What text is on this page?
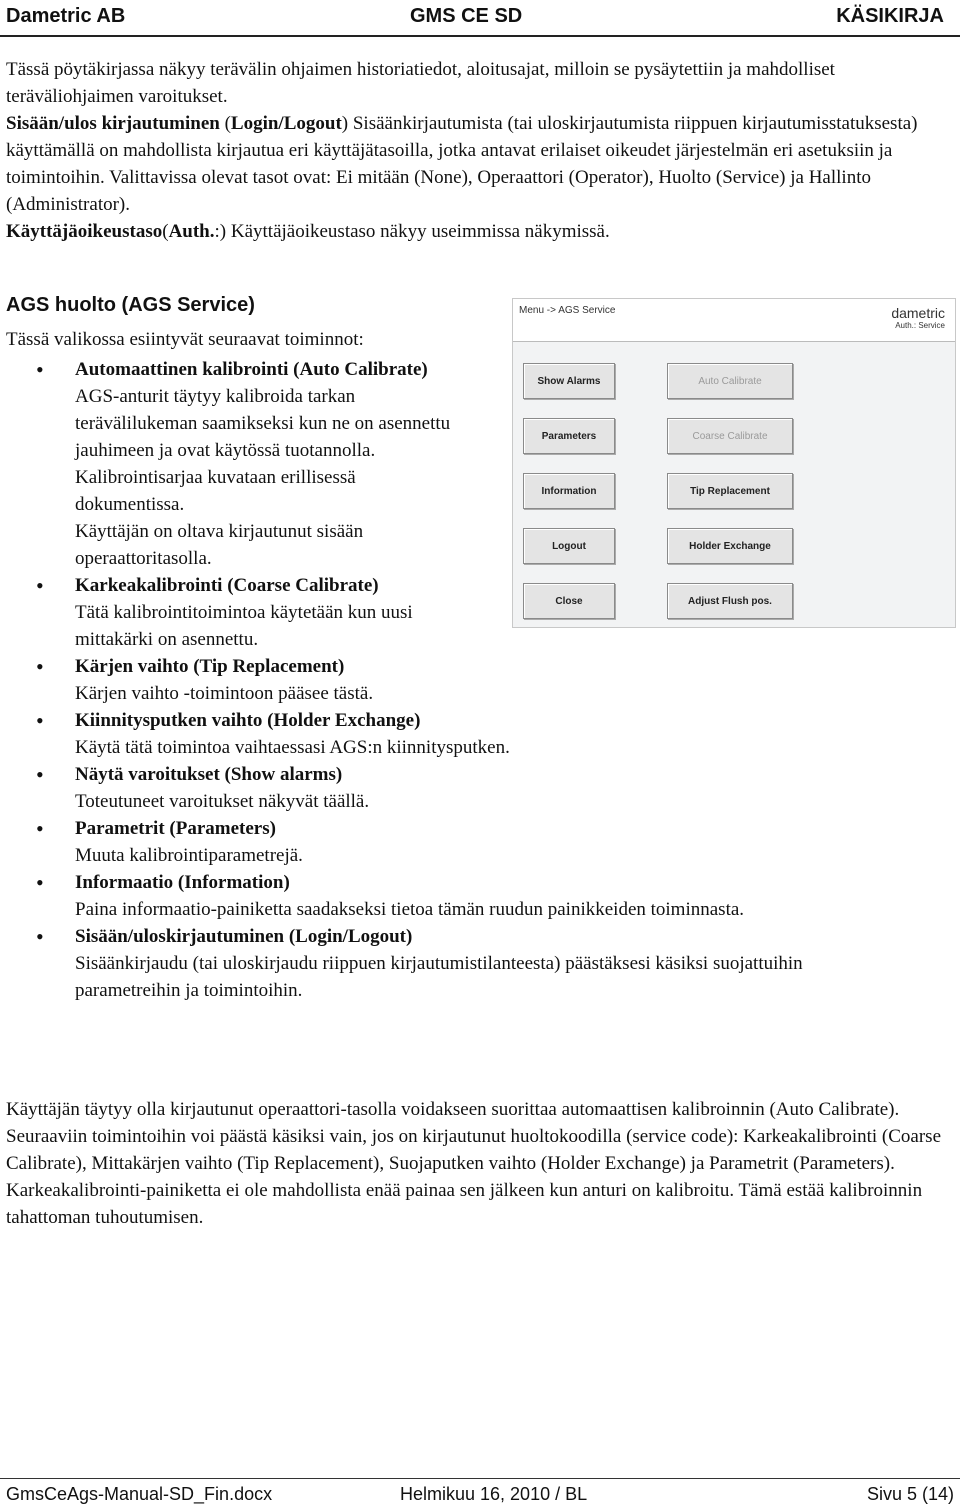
Dametric AB	GMS CE SD	KÄSIKIRJA

Tässä pöytäkirjassa näkyy terävälin ohjaimen historiatiedot, aloitusajat, milloin se pysäytettiin ja mahdolliset teräväliohjaimen varoitukset.

Sisään/ulos kirjautuminen (Login/Logout) Sisäänkirjautumista (tai uloskirjautumista riippuen kirjautumisstatuksesta) käyttämällä on mahdollista kirjautua eri käyttäjätasoilla, jotka antavat erilaiset oikeudet järjestelmän eri asetuksiin ja toimintoihin. Valittavissa olevat tasot ovat: Ei mitään (None), Operaattori (Operator), Huolto (Service) ja Hallinto (Administrator).

Käyttäjäoikeustaso(Auth.:) Käyttäjäoikeustaso näkyy useimmissa näkymissä.

AGS huolto (AGS Service)
Tässä valikossa esiintyvät seuraavat toiminnot:
• Automaattinen kalibrointi (Auto Calibrate)
AGS-anturit täytyy kalibroida tarkan terävälilukeman saamikseksi kun ne on asennettu jauhimeen ja ovat käytössä tuotannolla. Kalibrointisarjaa kuvataan erillisessä dokumentissa.
Käyttäjän on oltava kirjautunut sisään operaattoritasolla.
• Karkeakalibrointi (Coarse Calibrate)
Tätä kalibrointitoimintoa käytetään kun uusi mittakärki on asennettu.
• Kärjen vaihto (Tip Replacement)
Kärjen vaihto -toimintoon pääsee tästä.
• Kiinnitysputken vaihto (Holder Exchange)
Käytä tätä toimintoa vaihtaessasi AGS:n kiinnitysputken.
• Näytä varoitukset (Show alarms)
Toteutuneet varoitukset näkyvät täällä.
• Parametrit (Parameters)
Muuta kalibrointiparametrejä.
• Informaatio (Information)
Paina informaatio-painiketta saadakseksi tietoa tämän ruudun painikkeiden toiminnasta.
• Sisään/uloskirjautuminen (Login/Logout)
Sisäänkirjaudu (tai uloskirjaudu riippuen kirjautumistilanteesta) päästäksesi käsiksi suojattuihin parametreihin ja toimintoihin.
Menu -> AGS Service	dametric
Auth.: Service
Show Alarms
Parameters
Information
Logout
Close
Auto Calibrate
Coarse Calibrate
Tip Replacement
Holder Exchange
Adjust Flush pos.

Käyttäjän täytyy olla kirjautunut operaattori-tasolla voidakseen suorittaa automaattisen kalibroinnin (Auto Calibrate).

Seuraaviin toimintoihin voi päästä käsiksi vain, jos on kirjautunut huoltokoodilla (service code): Karkeakalibrointi (Coarse Calibrate), Mittakärjen vaihto (Tip Replacement), Suojaputken vaihto (Holder Exchange) ja Parametrit (Parameters). Karkeakalibrointi-painiketta ei ole mahdollista enää painaa sen jälkeen kun anturi on kalibroitu. Tämä estää kalibroinnin tahattoman tuhoutumisen.

GmsCeAgs-Manual-SD_Fin.docx	Helmikuu 16, 2010 / BL	Sivu 5 (14)
